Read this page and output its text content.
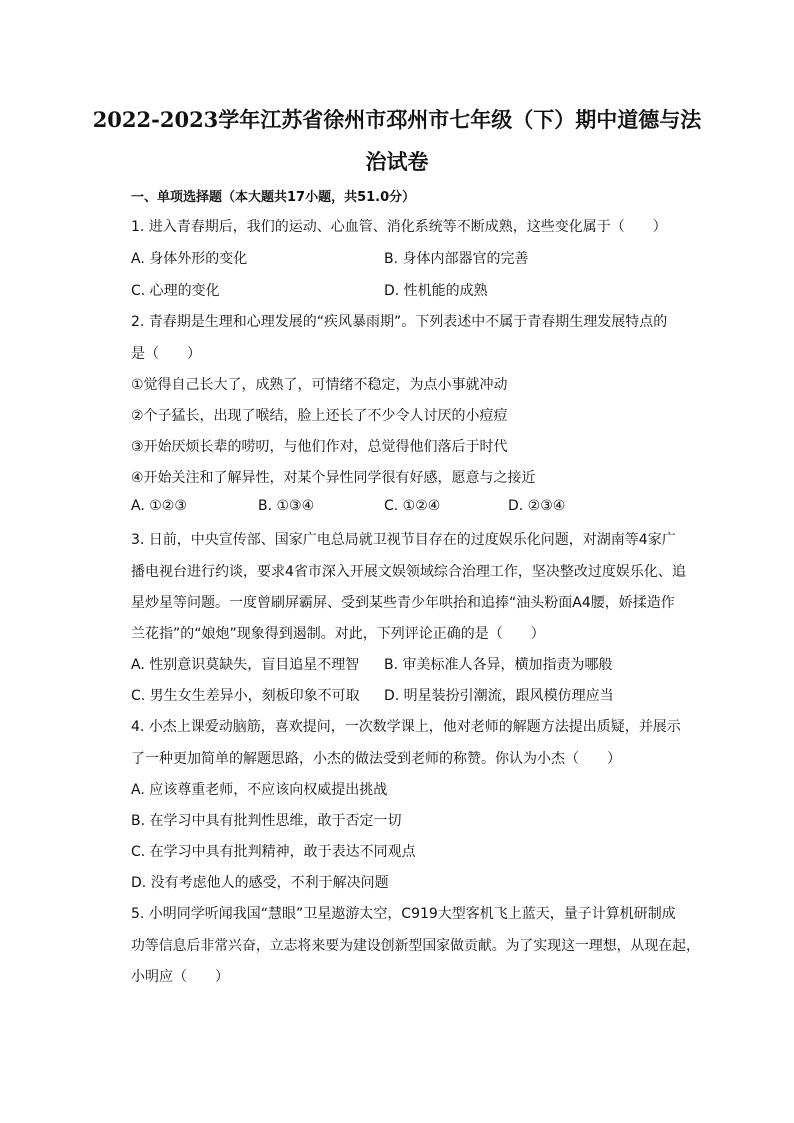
2022-2023学年江苏省徐州市邳州市七年级（下）期中道德与法
治试卷
一、单项选择题（本大题共17小题，共51.0分）
1. 进入青春期后，我们的运动、心血管、消化系统等不断成熟，这些变化属于（　　）
A. 身体外形的变化	B. 身体内部器官的完善
C. 心理的变化	D. 性机能的成熟
2. 青春期是生理和心理发展的“疾风暴雨期”。下列表述中不属于青春期生理发展特点的
是（　　）
①觉得自己长大了，成熟了，可情绪不稳定，为点小事就冲动
②个子猛长，出现了喉结，脸上还长了不少令人讨厌的小痘痘
③开始厌烦长辈的唠叨，与他们作对，总觉得他们落后于时代
④开始关注和了解异性，对某个异性同学很有好感，愿意与之接近
A. ①②③	B. ①③④	C. ①②④	D. ②③④
3. 日前，中央宣传部、国家广电总局就卫视节目存在的过度娱乐化问题，对湖南等4家广
播电视台进行约谈，要求4省市深入开展文娱领域综合治理工作，坚决整改过度娱乐化、追
星炒星等问题。一度曾刷屏霸屏、受到某些青少年哄抬和追捧“油头粉面A4腰，娇揉造作
兰花指”的“娘炮”现象得到遏制。对此，下列评论正确的是（　　）
A. 性别意识莫缺失，盲目追星不理智 B. 审美标准人各异，横加指责为哪般
C. 男生女生差异小，刻板印象不可取 D. 明星装扮引潮流，跟风模仿理应当
4. 小杰上课爱动脑筋，喜欢提问，一次数学课上，他对老师的解题方法提出质疑，并展示
了一种更加简单的解题思路，小杰的做法受到老师的称赞。你认为小杰（　　）
A. 应该尊重老师，不应该向权威提出挑战
B. 在学习中具有批判性思维，敢于否定一切
C. 在学习中具有批判精神，敢于表达不同观点
D. 没有考虑他人的感受，不利于解决问题
5. 小明同学听闻我国“慧眼”卫星遨游太空，C919大型客机飞上蓝天，量子计算机研制成
功等信息后非常兴奋，立志将来要为建设创新型国家做贡献。为了实现这一理想，从现在起，
小明应（　　）
